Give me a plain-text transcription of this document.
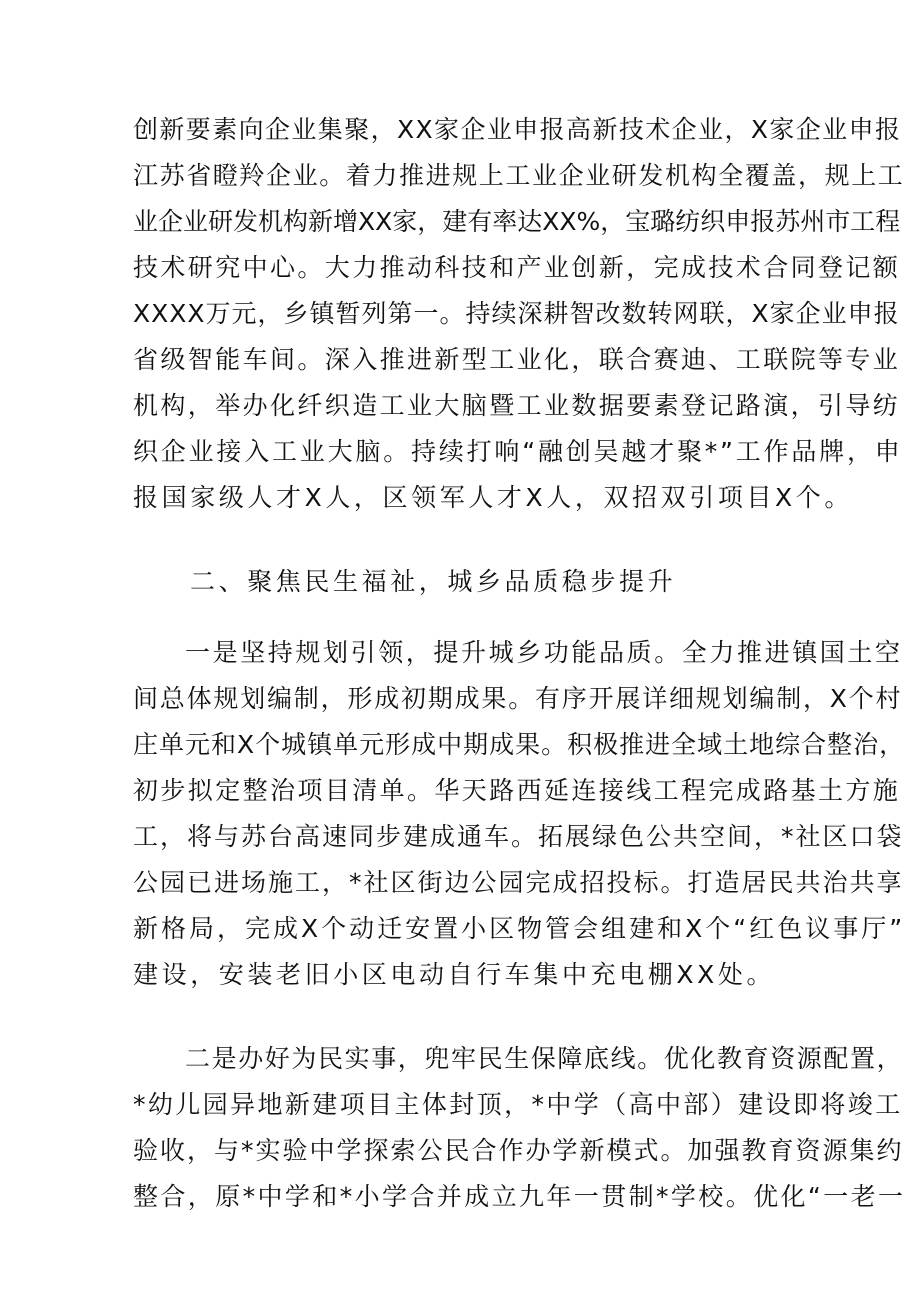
创新要素向企业集聚，XX家企业申报高新技术企业，X家企业申报
江苏省瞪羚企业。着力推进规上工业企业研发机构全覆盖，规上工
业企业研发机构新增XX家，建有率达XX%，宝璐纺织申报苏州市工程
技术研究中心。大力推动科技和产业创新，完成技术合同登记额
XXXX万元，乡镇暂列第一。持续深耕智改数转网联，X家企业申报
省级智能车间。深入推进新型工业化，联合赛迪、工联院等专业
机构，举办化纤织造工业大脑暨工业数据要素登记路演，引导纺
织企业接入工业大脑。持续打响“融创吴越才聚*”工作品牌，申
报国家级人才X人，区领军人才X人，双招双引项目X个。
二、聚焦民生福祉，城乡品质稳步提升
一是坚持规划引领，提升城乡功能品质。全力推进镇国土空
间总体规划编制，形成初期成果。有序开展详细规划编制，X个村
庄单元和X个城镇单元形成中期成果。积极推进全域土地综合整治，
初步拟定整治项目清单。华天路西延连接线工程完成路基土方施
工，将与苏台高速同步建成通车。拓展绿色公共空间，*社区口袋
公园已进场施工，*社区街边公园完成招投标。打造居民共治共享
新格局，完成X个动迁安置小区物管会组建和X个“红色议事厅”
建设，安装老旧小区电动自行车集中充电棚XX处。
二是办好为民实事，兜牢民生保障底线。优化教育资源配置，
*幼儿园异地新建项目主体封顶，*中学（高中部）建设即将竣工
验收，与*实验中学探索公民合作办学新模式。加强教育资源集约
整合，原*中学和*小学合并成立九年一贯制*学校。优化“一老一
